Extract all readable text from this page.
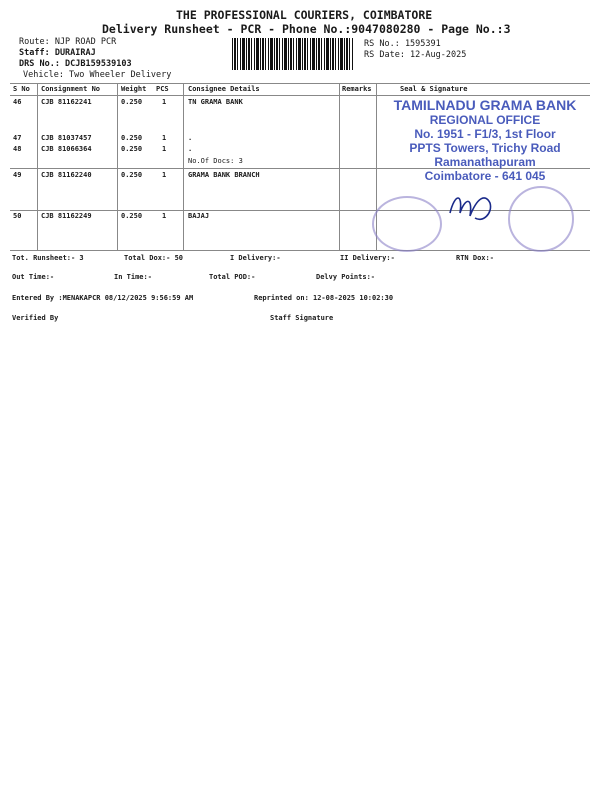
THE PROFESSIONAL COURIERS, COIMBATORE
Delivery Runsheet - PCR - Phone No.:9047080280 - Page No.:3
Route: NJP ROAD PCR
Staff: DURAIRAJ
DRS No.: DCJB159539103
Vehicle: Two Wheeler Delivery
RS No.: 1595391
RS Date: 12-Aug-2025
S No Consignment No	Weight PCS	Consignee Details	Remarks	Seal & Signature
46	CJB 81162241	0.250	1	TN GRAMA BANK
47	CJB 81037457	0.250	1	.
48	CJB 81066364	0.250	1	.
No.Of Docs: 3
49	CJB 81162240	0.250	1	GRAMA BANK BRANCH
50	CJB 81162249	0.250	1	BAJAJ
TAMILNADU GRAMA BANK
REGIONAL OFFICE
No. 1951 - F1/3, 1st Floor
PPTS Towers, Trichy Road
Ramanathapuram
Coimbatore - 641 045
Tot. Runsheet:- 3	Total Dox:- 50	I Delivery:-	II Delivery:-	RTN Dox:-
Out Time:-	In Time:-	Total POD:-	Delvy Points:-
Entered By :MENAKAPCR 08/12/2025 9:56:59 AM	Reprinted on: 12-08-2025 10:02:30
Verified By	Staff Signature
